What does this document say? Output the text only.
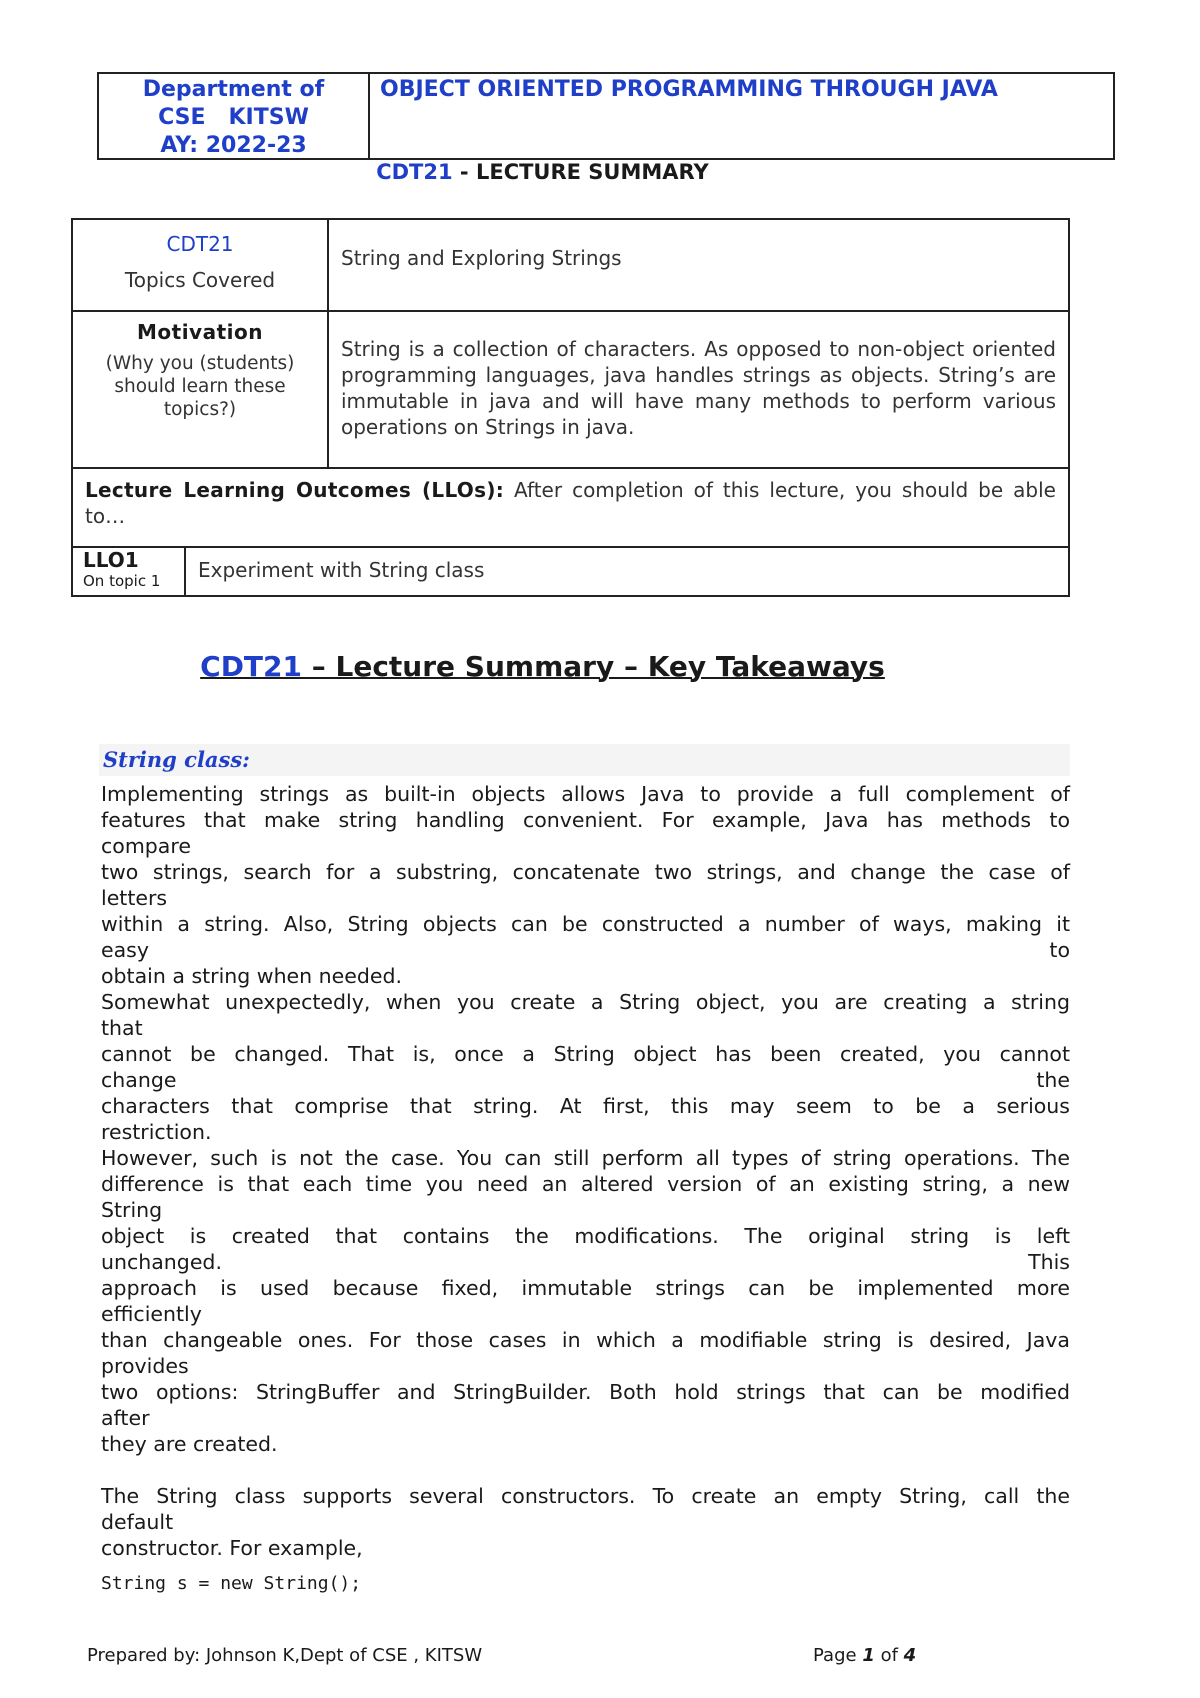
Department of
CSE   KITSW
AY: 2022-23
OBJECT ORIENTED PROGRAMMING THROUGH JAVA
CDT21 - LECTURE SUMMARY
CDT21
Topics Covered
String and Exploring Strings
Motivation
(Why you (students) should learn these topics?)
String is a collection of characters. As opposed to non-object oriented programming languages, java handles strings as objects. String’s are immutable in java and will have many methods to perform various operations on Strings in java.
Lecture Learning Outcomes (LLOs): After completion of this lecture, you should be able to…
LLO1
On topic 1	Experiment with String class
CDT21 – Lecture Summary – Key Takeaways
String class:
Implementing strings as built-in objects allows Java to provide a full complement of
features that make string handling convenient. For example, Java has methods to
compare
two strings, search for a substring, concatenate two strings, and change the case of
letters
within a string. Also, String objects can be constructed a number of ways, making it
easy to
obtain a string when needed.
Somewhat unexpectedly, when you create a String object, you are creating a string
that
cannot be changed. That is, once a String object has been created, you cannot
change the
characters that comprise that string. At first, this may seem to be a serious
restriction.
However, such is not the case. You can still perform all types of string operations. The
difference is that each time you need an altered version of an existing string, a new
String
object is created that contains the modifications. The original string is left
unchanged. This
approach is used because fixed, immutable strings can be implemented more
efficiently
than changeable ones. For those cases in which a modifiable string is desired, Java
provides
two options: StringBuffer and StringBuilder. Both hold strings that can be modified
after
they are created.
The String class supports several constructors. To create an empty String, call the
default
constructor. For example,
String s = new String();
Prepared by: Johnson K,Dept of CSE , KITSW	Page 1 of 4
